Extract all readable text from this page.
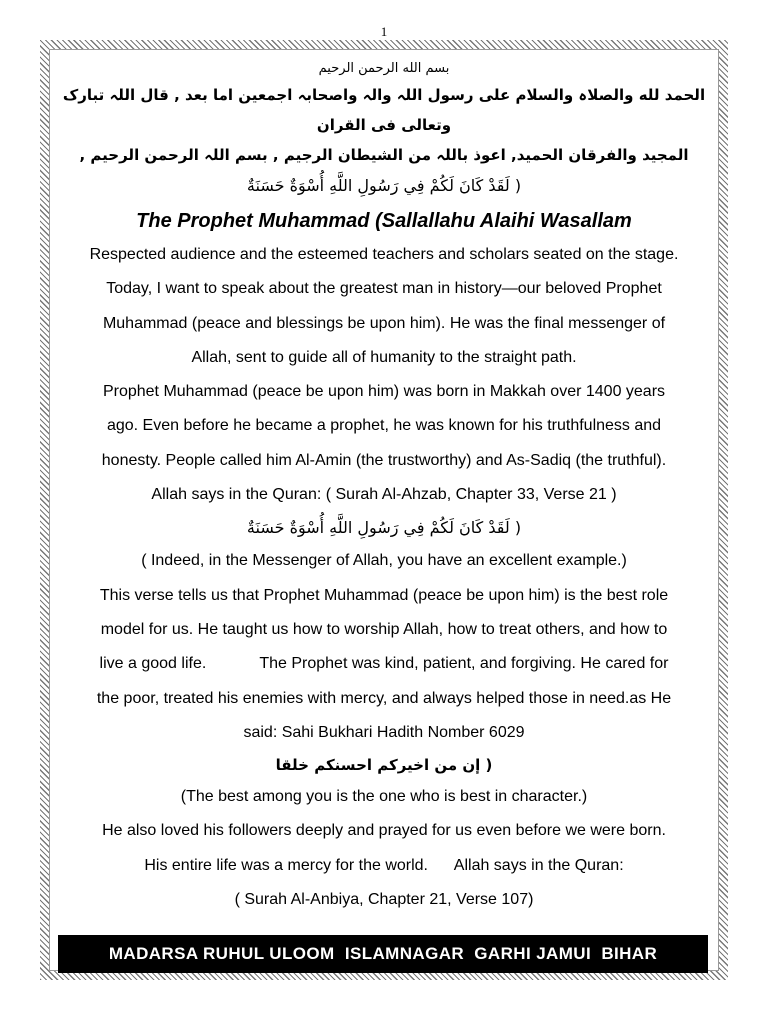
1
بسم الله الرحمن الرحیم
الحمد لله والصلاہ والسلام علی رسول اللہ والہ واصحابہ اجمعین اما بعد , قال اللہ تبارک وتعالی فی القران
المجید والفرقان الحمید, اعوذ باللہ من الشیطان الرجیم , بسم اللہ الرحمن الرحیم ,
( لَقَدْ كَانَ لَكُمْ فِي رَسُولِ اللَّهِ أُسْوَةٌ حَسَنَةٌ
The Prophet Muhammad (Sallallahu Alaihi Wasallam
Respected audience and the esteemed teachers and scholars seated on the stage.
Today, I want to speak about the greatest man in history—our beloved Prophet
Muhammad (peace and blessings be upon him). He was the final messenger of
Allah, sent to guide all of humanity to the straight path.
Prophet Muhammad (peace be upon him) was born in Makkah over 1400 years
ago. Even before he became a prophet, he was known for his truthfulness and
honesty. People called him Al-Amin (the trustworthy) and As-Sadiq (the truthful).
Allah says in the Quran: ( Surah Al-Ahzab, Chapter 33, Verse 21 )
( لَقَدْ كَانَ لَكُمْ فِي رَسُولِ اللَّهِ أُسْوَةٌ حَسَنَةٌ
( Indeed, in the Messenger of Allah, you have an excellent example.)
This verse tells us that Prophet Muhammad (peace be upon him) is the best role
model for us. He taught us how to worship Allah, how to treat others, and how to
live a good life.            The Prophet was kind, patient, and forgiving. He cared for
the poor, treated his enemies with mercy, and always helped those in need.as He
said: Sahi Bukhari Hadith Nomber 6029
( إن من اخیرکم احسنکم خلقا
(The best among you is the one who is best in character.)
He also loved his followers deeply and prayed for us even before we were born.
His entire life was a mercy for the world.      Allah says in the Quran:
( Surah Al-Anbiya, Chapter 21, Verse 107)
MADARSA RUHUL ULOOM  ISLAMNAGAR  GARHI JAMUI  BIHAR
